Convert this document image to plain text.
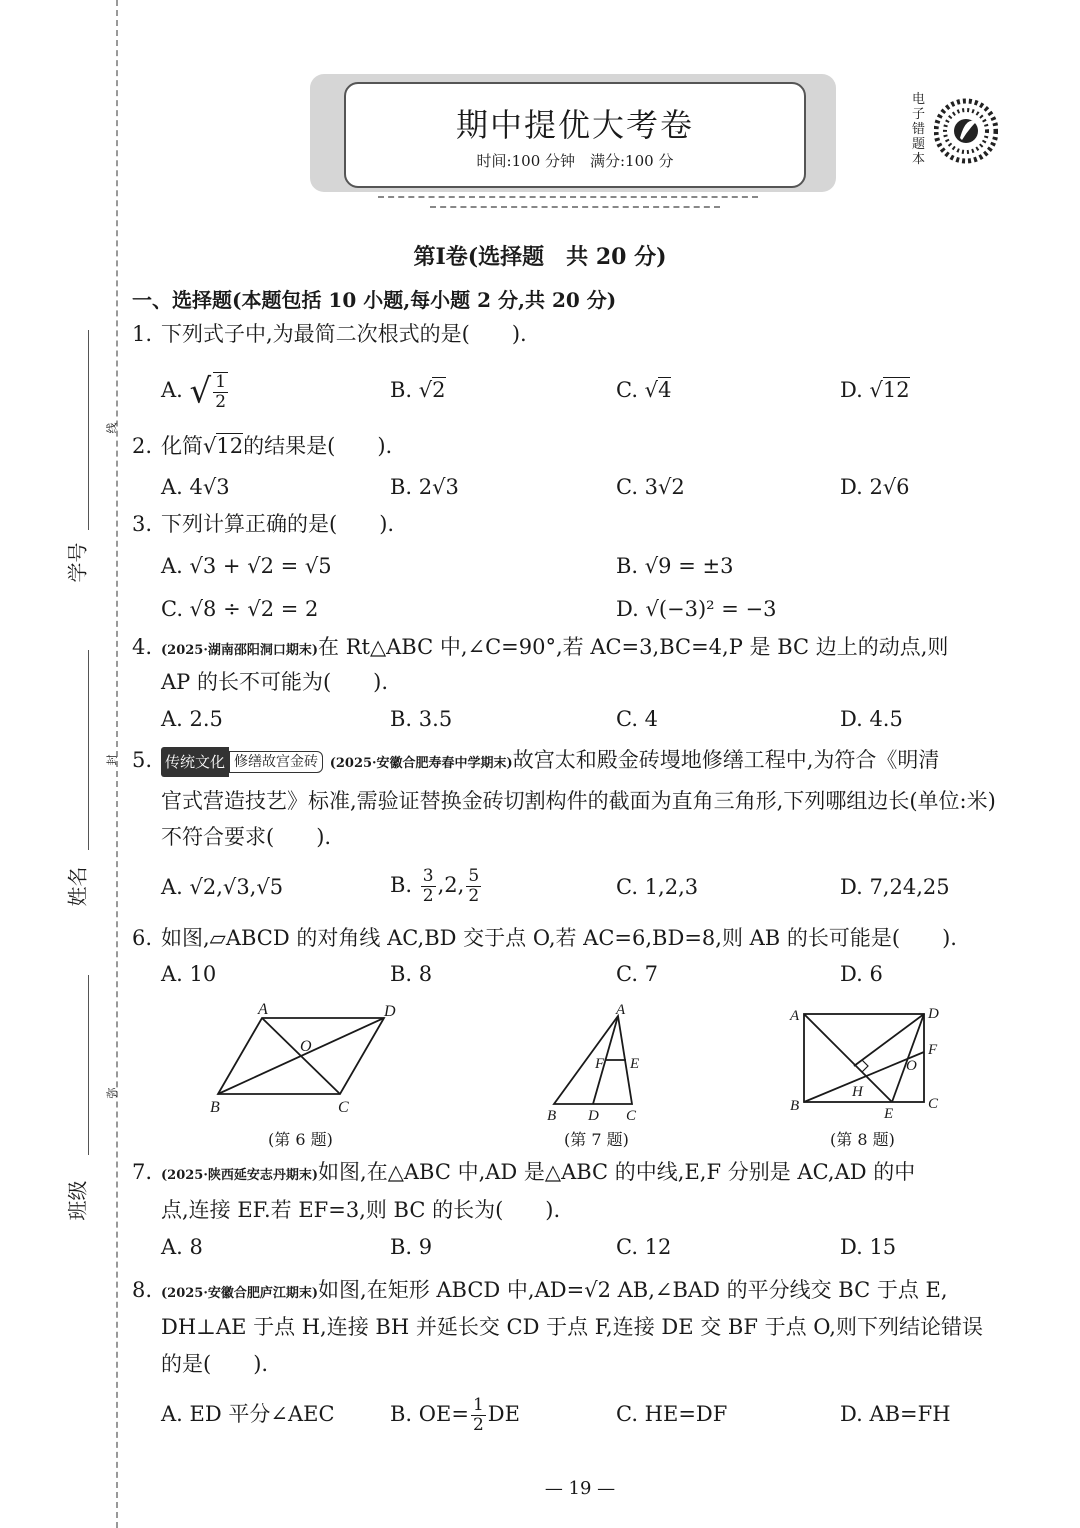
学号
姓名
班级
线
封
弥
期中提优大考卷
时间:100 分钟　满分:100 分
电子错题本
第Ⅰ卷(选择题　共 20 分)
一、选择题(本题包括 10 小题,每小题 2 分,共 20 分)
1. 下列式子中,为最简二次根式的是(　　).
A. √ $\frac{1}{2}$	B. √2	C. √4	D. √12
2. 化简√12的结果是(　　).
A. 4√3	B. 2√3	C. 3√2	D. 2√6
3. 下列计算正确的是(　　).
A. √3 + √2 = √5	B. √9 = ±3
C. √8 ÷ √2 = 2	D. √(−3)² = −3
4. (2025·湖南邵阳洞口期末)在 Rt△ABC 中,∠C=90°,若 AC=3,BC=4,P 是 BC 边上的动点,则
AP 的长不可能为(　　).
A. 2.5	B. 3.5	C. 4	D. 4.5
5. 传统文化 修缮故宫金砖 (2025·安徽合肥寿春中学期末)故宫太和殿金砖墁地修缮工程中,为符合《明清
官式营造技艺》标准,需验证替换金砖切割构件的截面为直角三角形,下列哪组边长(单位:米)
不符合要求(　　).
A. √2,√3,√5	B. $\frac{3}{2} ,2$, $\frac{5}{2}$	C. 1,2,3	D. 7,24,25
6. 如图,▱ABCD 的对角线 AC,BD 交于点 O,若 AC=6,BD=8,则 AB 的长可能是(　　).
A. 10	B. 8	C. 7	D. 6
A	D
O
B	C
(第 6 题)
A
F E
B D C
(第 7 题)
A	D
F
O
H
B	E
C
(第 8 题)
7. (2025·陕西延安志丹期末)如图,在△ABC 中,AD 是△ABC 的中线,E,F 分别是 AC,AD 的中
点,连接 EF.若 EF=3,则 BC 的长为(　　).
A. 8	B. 9	C. 12	D. 15
8. (2025·安徽合肥庐江期末)如图,在矩形 ABCD 中,AD=√2 AB,∠BAD 的平分线交 BC 于点 E,
DH⊥AE 于点 H,连接 BH 并延长交 CD 于点 F,连接 DE 交 BF 于点 O,则下列结论错误
的是(　　).
A. ED 平分∠AEC	B. $OE= \frac{1}{2}$ DE	C. HE=DF	D. AB=FH
— 19 —
